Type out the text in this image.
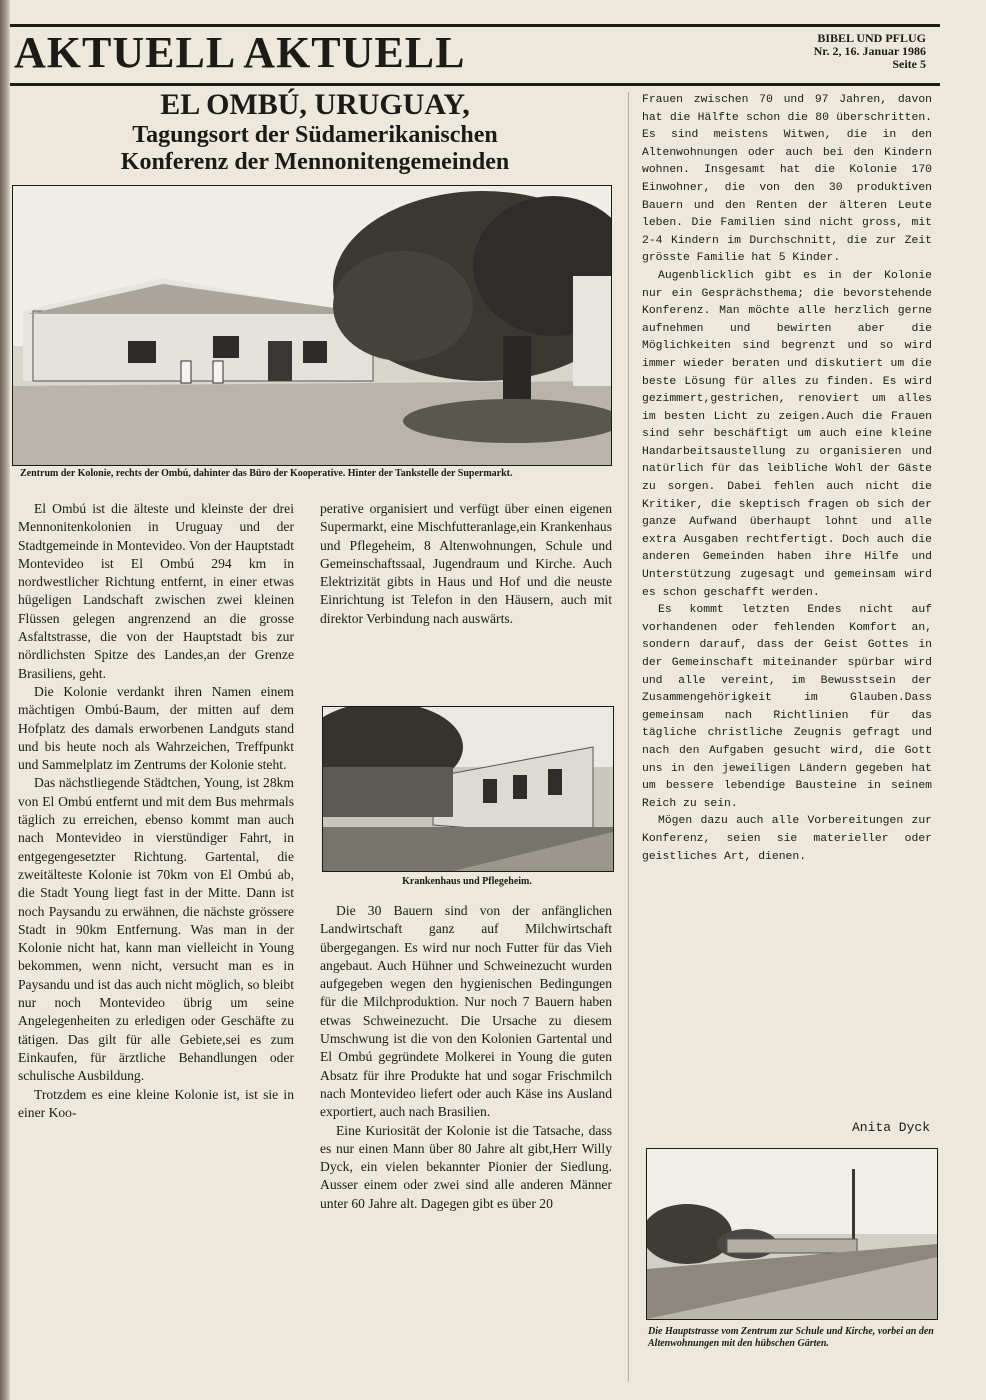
AKTUELL AKTUELL	BIBEL UND PFLUG
Nr. 2, 16. Januar 1986
Seite 5
EL OMBÚ, URUGUAY,
Tagungsort der Südamerikanischen
Konferenz der Mennonitengemeinden
Zentrum der Kolonie, rechts der Ombú, dahinter das Büro der Kooperative. Hinter der Tankstelle der Supermarkt.

El Ombú ist die älteste und kleinste der drei Mennonitenkolonien in Uruguay und der Stadtgemeinde in Montevideo. Von der Hauptstadt Montevideo ist El Ombú 294 km in nordwestlicher Richtung entfernt, in einer etwas hügeligen Landschaft zwischen zwei kleinen Flüssen gelegen angrenzend an die grosse Asfaltstrasse, die von der Hauptstadt bis zur nördlichsten Spitze des Landes,an der Grenze Brasiliens, geht.

Die Kolonie verdankt ihren Namen einem mächtigen Ombú-Baum, der mitten auf dem Hofplatz des damals erworbenen Landguts stand und bis heute noch als Wahrzeichen, Treffpunkt und Sammelplatz im Zentrums der Kolonie steht.

Das nächstliegende Städtchen, Young, ist 28km von El Ombú entfernt und mit dem Bus mehrmals täglich zu erreichen, ebenso kommt man auch nach Montevideo in vierstündiger Fahrt, in entgegengesetzter Richtung. Gartental, die zweitälteste Kolonie ist 70km von El Ombú ab, die Stadt Young liegt fast in der Mitte. Dann ist noch Paysandu zu erwähnen, die nächste grössere Stadt in 90km Entfernung. Was man in der Kolonie nicht hat, kann man vielleicht in Young bekommen, wenn nicht, versucht man es in Paysandu und ist das auch nicht möglich, so bleibt nur noch Montevideo übrig um seine Angelegenheiten zu erledigen oder Geschäfte zu tätigen. Das gilt für alle Gebiete,sei es zum Einkaufen, für ärztliche Behandlungen oder schulische Ausbildung.

Trotzdem es eine kleine Kolonie ist, ist sie in einer Koo-

perative organisiert und verfügt über einen eigenen Supermarkt, eine Mischfutteranlage,ein Krankenhaus und Pflegeheim, 8 Altenwohnungen, Schule und Gemeinschaftssaal, Jugendraum und Kirche. Auch Elektrizität gibts in Haus und Hof und die neuste Einrichtung ist Telefon in den Häusern, auch mit direktor Verbindung nach auswärts.

Krankenhaus und Pflegeheim.

Die 30 Bauern sind von der anfänglichen Landwirtschaft ganz auf Milchwirtschaft übergegangen. Es wird nur noch Futter für das Vieh angebaut. Auch Hühner und Schweinezucht wurden aufgegeben wegen den hygienischen Bedingungen für die Milchproduktion. Nur noch 7 Bauern haben etwas Schweinezucht. Die Ursache zu diesem Umschwung ist die von den Kolonien Gartental und El Ombú gegründete Molkerei in Young die guten Absatz für ihre Produkte hat und sogar Frischmilch nach Montevideo liefert oder auch Käse ins Ausland exportiert, auch nach Brasilien.

Eine Kuriosität der Kolonie ist die Tatsache, dass es nur einen Mann über 80 Jahre alt gibt,Herr Willy Dyck, ein vielen bekannter Pionier der Siedlung. Ausser einem oder zwei sind alle anderen Männer unter 60 Jahre alt. Dagegen gibt es über 20

Frauen zwischen 70 und 97 Jahren, davon hat die Hälfte schon die 80 überschritten. Es sind meistens Witwen, die in den Altenwohnungen oder auch bei den Kindern wohnen. Insgesamt hat die Kolonie 170 Einwohner, die von den 30 produktiven Bauern und den Renten der älteren Leute leben. Die Familien sind nicht gross, mit 2-4 Kindern im Durchschnitt, die zur Zeit grösste Familie hat 5 Kinder.

Augenblicklich gibt es in der Kolonie nur ein Gesprächsthema; die bevorstehende Konferenz. Man möchte alle herzlich gerne aufnehmen und bewirten aber die Möglichkeiten sind begrenzt und so wird immer wieder beraten und diskutiert um die beste Lösung für alles zu finden. Es wird gezimmert,gestrichen, renoviert um alles im besten Licht zu zeigen.Auch die Frauen sind sehr beschäftigt um auch eine kleine Handarbeitsaustellung zu organisieren und natürlich für das leibliche Wohl der Gäste zu sorgen. Dabei fehlen auch nicht die Kritiker, die skeptisch fragen ob sich der ganze Aufwand überhaupt lohnt und alle extra Ausgaben rechtfertigt. Doch auch die anderen Gemeinden haben ihre Hilfe und Unterstützung zugesagt und gemeinsam wird es schon geschafft werden.

Es kommt letzten Endes nicht auf vorhandenen oder fehlenden Komfort an, sondern darauf, dass der Geist Gottes in der Gemeinschaft miteinander spürbar wird und alle vereint, im Bewusstsein der Zusammengehörigkeit im Glauben.Dass gemeinsam nach Richtlinien für das tägliche christliche Zeugnis gefragt und nach den Aufgaben gesucht wird, die Gott uns in den jeweiligen Ländern gegeben hat um bessere lebendige Bausteine in seinem Reich zu sein.

Mögen dazu auch alle Vorbereitungen zur Konferenz, seien sie materieller oder geistliches Art, dienen.

Anita Dyck
Die Hauptstrasse vom Zentrum zur Schule und Kirche, vorbei an den Altenwohnungen mit den hübschen Gärten.
